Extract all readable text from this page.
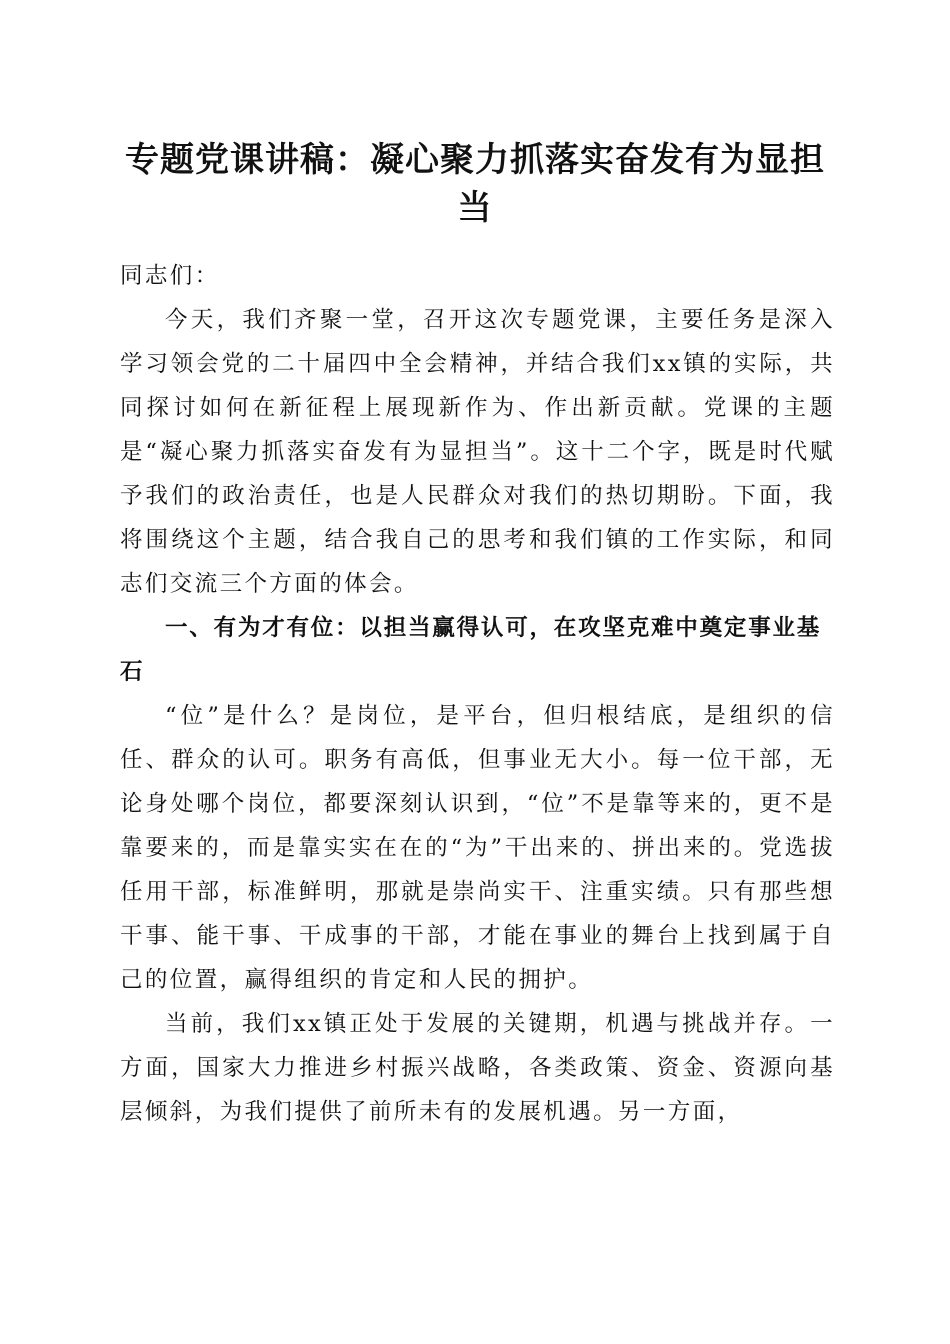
专题党课讲稿：凝心聚力抓落实奋发有为显担当

同志们：

今天，我们齐聚一堂，召开这次专题党课，主要任务是深入学习领会党的二十届四中全会精神，并结合我们xx镇的实际，共同探讨如何在新征程上展现新作为、作出新贡献。党课的主题是“凝心聚力抓落实奋发有为显担当”。这十二个字，既是时代赋予我们的政治责任，也是人民群众对我们的热切期盼。下面，我将围绕这个主题，结合我自己的思考和我们镇的工作实际，和同志们交流三个方面的体会。

一、有为才有位：以担当赢得认可，在攻坚克难中奠定事业基石

“位”是什么？是岗位，是平台，但归根结底，是组织的信任、群众的认可。职务有高低，但事业无大小。每一位干部，无论身处哪个岗位，都要深刻认识到，“位”不是靠等来的，更不是靠要来的，而是靠实实在在的“为”干出来的、拼出来的。党选拔任用干部，标准鲜明，那就是崇尚实干、注重实绩。只有那些想干事、能干事、干成事的干部，才能在事业的舞台上找到属于自己的位置，赢得组织的肯定和人民的拥护。

当前，我们xx镇正处于发展的关键期，机遇与挑战并存。一方面，国家大力推进乡村振兴战略，各类政策、资金、资源向基层倾斜，为我们提供了前所未有的发展机遇。另一方面，
